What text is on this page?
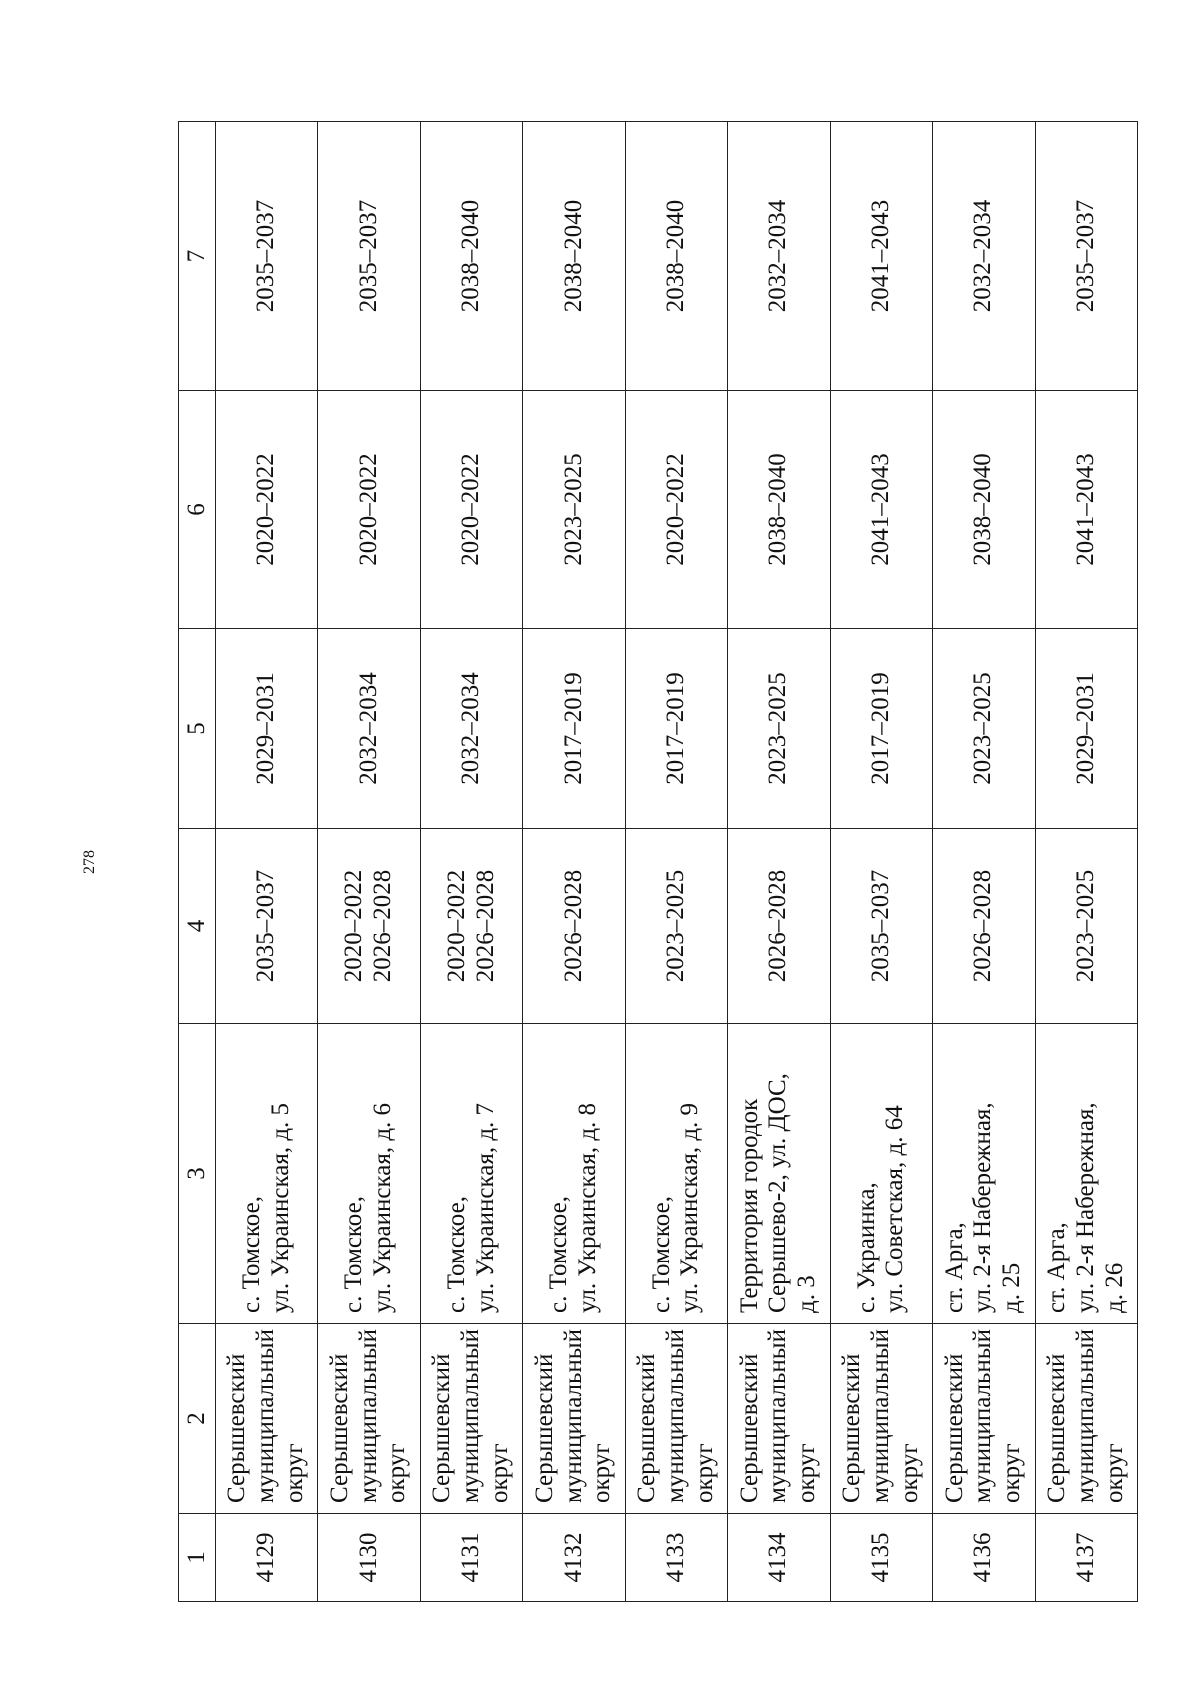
278
1	2	3	4	5	6	7
4129	Серышевский муниципальный округ	с. Томское, ул. Украинская, д. 5	2035–2037	2029–2031	2020–2022	2035–2037
4130	Серышевский муниципальный округ	с. Томское, ул. Украинская, д. 6	2020–2022 2026–2028	2032–2034	2020–2022	2035–2037
4131	Серышевский муниципальный округ	с. Томское, ул. Украинская, д. 7	2020–2022 2026–2028	2032–2034	2020–2022	2038–2040
4132	Серышевский муниципальный округ	с. Томское, ул. Украинская, д. 8	2026–2028	2017–2019	2023–2025	2038–2040
4133	Серышевский муниципальный округ	с. Томское, ул. Украинская, д. 9	2023–2025	2017–2019	2020–2022	2038–2040
4134	Серышевский муниципальный округ	Территория городок Серышево-2, ул. ДОС, д. 3	2026–2028	2023–2025	2038–2040	2032–2034
4135	Серышевский муниципальный округ	с. Украинка, ул. Советская, д. 64	2035–2037	2017–2019	2041–2043	2041–2043
4136	Серышевский муниципальный округ	ст. Арга, ул. 2-я Набережная, д. 25	2026–2028	2023–2025	2038–2040	2032–2034
4137	Серышевский муниципальный округ	ст. Арга, ул. 2-я Набережная, д. 26	2023–2025	2029–2031	2041–2043	2035–2037
